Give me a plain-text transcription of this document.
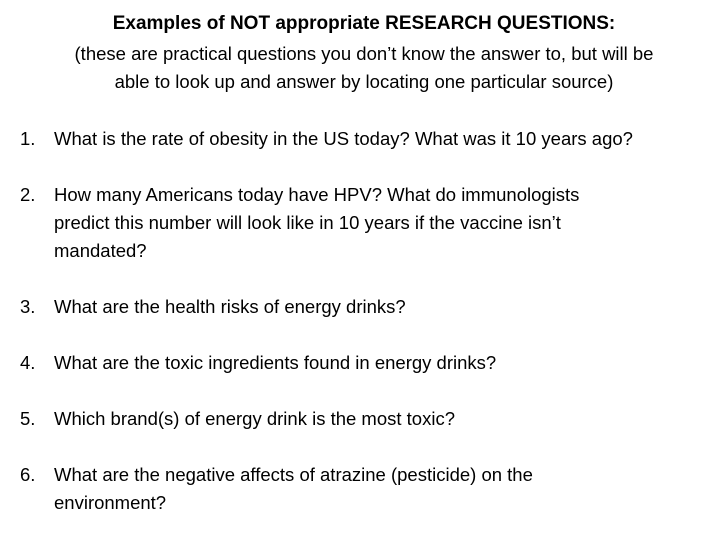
Examples of NOT appropriate RESEARCH QUESTIONS:
(these are practical questions you don’t know the answer to, but will be
able to look up and answer by locating one particular source)
1. What is the rate of obesity in the US today? What was it 10 years ago?
2. How many Americans today have HPV? What do immunologists
predict this number will look like in 10 years if the vaccine isn’t
mandated?
3. What are the health risks of energy drinks?
4. What are the toxic ingredients found in energy drinks?
5. Which brand(s) of energy drink is the most toxic?
6. What are the negative affects of atrazine (pesticide) on the
environment?
